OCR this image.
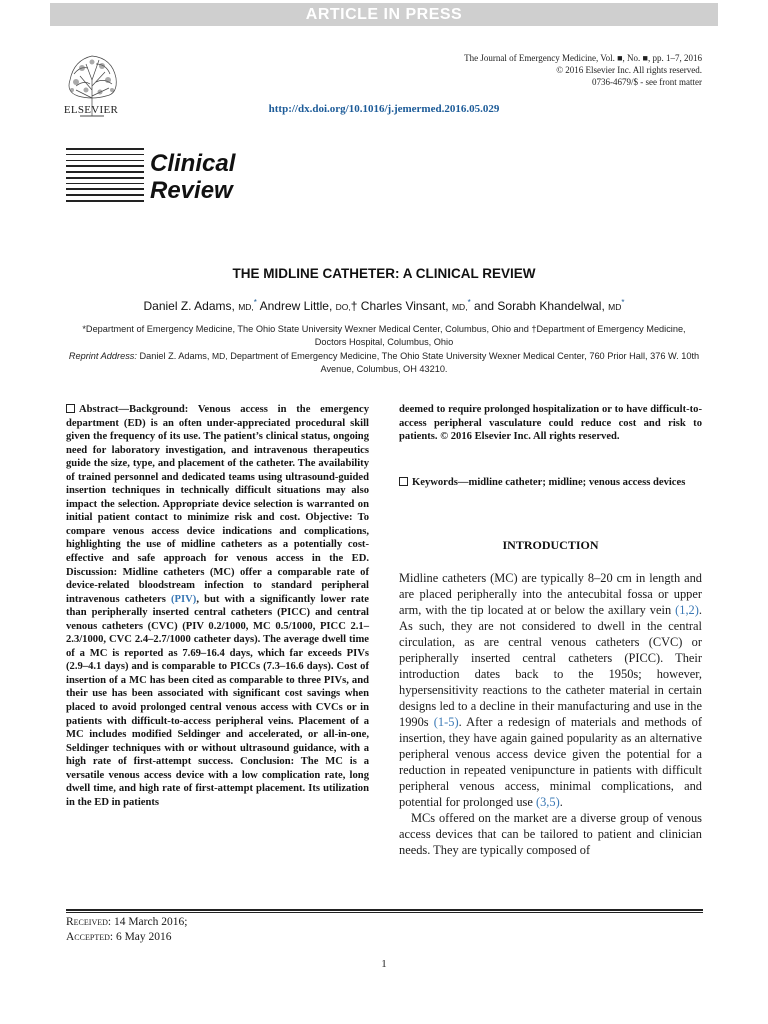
ARTICLE IN PRESS
ELSEVIER
The Journal of Emergency Medicine, Vol. ■, No. ■, pp. 1–7, 2016
© 2016 Elsevier Inc. All rights reserved.
0736-4679/$ - see front matter
http://dx.doi.org/10.1016/j.jemermed.2016.05.029
Clinical
Review
THE MIDLINE CATHETER: A CLINICAL REVIEW
Daniel Z. Adams, MD,* Andrew Little, DO,† Charles Vinsant, MD,* and Sorabh Khandelwal, MD*
*Department of Emergency Medicine, The Ohio State University Wexner Medical Center, Columbus, Ohio and †Department of Emergency Medicine, Doctors Hospital, Columbus, Ohio
Reprint Address: Daniel Z. Adams, MD, Department of Emergency Medicine, The Ohio State University Wexner Medical Center, 760 Prior Hall, 376 W. 10th Avenue, Columbus, OH 43210.
Abstract—Background: Venous access in the emergency department (ED) is an often under-appreciated procedural skill given the frequency of its use. The patient’s clinical status, ongoing need for laboratory investigation, and intravenous therapeutics guide the size, type, and placement of the catheter. The availability of trained personnel and dedicated teams using ultrasound-guided insertion techniques in technically difficult situations may also impact the selection. Appropriate device selection is warranted on initial patient contact to minimize risk and cost. Objective: To compare venous access device indications and complications, highlighting the use of midline catheters as a potentially cost-effective and safe approach for venous access in the ED. Discussion: Midline catheters (MC) offer a comparable rate of device-related bloodstream infection to standard peripheral intravenous catheters (PIV), but with a significantly lower rate than peripherally inserted central catheters (PICC) and central venous catheters (CVC) (PIV 0.2/1000, MC 0.5/1000, PICC 2.1–2.3/1000, CVC 2.4–2.7/1000 catheter days). The average dwell time of a MC is reported as 7.69–16.4 days, which far exceeds PIVs (2.9–4.1 days) and is comparable to PICCs (7.3–16.6 days). Cost of insertion of a MC has been cited as comparable to three PIVs, and their use has been associated with significant cost savings when placed to avoid prolonged central venous access with CVCs or in patients with difficult-to-access peripheral veins. Placement of a MC includes modified Seldinger and accelerated, or all-in-one, Seldinger techniques with or without ultrasound guidance, with a high rate of first-attempt success. Conclusion: The MC is a versatile venous access device with a low complication rate, long dwell time, and high rate of first-attempt placement. Its utilization in the ED in patients
deemed to require prolonged hospitalization or to have difficult-to-access peripheral vasculature could reduce cost and risk to patients. © 2016 Elsevier Inc. All rights reserved.
Keywords—midline catheter; midline; venous access devices
INTRODUCTION

Midline catheters (MC) are typically 8–20 cm in length and are placed peripherally into the antecubital fossa or upper arm, with the tip located at or below the axillary vein (1,2). As such, they are not considered to dwell in the central circulation, as are central venous catheters (CVC) or peripherally inserted central catheters (PICC). Their introduction dates back to the 1950s; however, hypersensitivity reactions to the catheter material in certain designs led to a decline in their manufacturing and use in the 1990s (1-5). After a redesign of materials and methods of insertion, they have again gained popularity as an alternative peripheral venous access device given the potential for a reduction in repeated venipuncture in patients with difficult peripheral venous access, minimal complications, and potential for prolonged use (3,5).

MCs offered on the market are a diverse group of venous access devices that can be tailored to patient and clinician needs. They are typically composed of

Received: 14 March 2016;
Accepted: 6 May 2016
1
